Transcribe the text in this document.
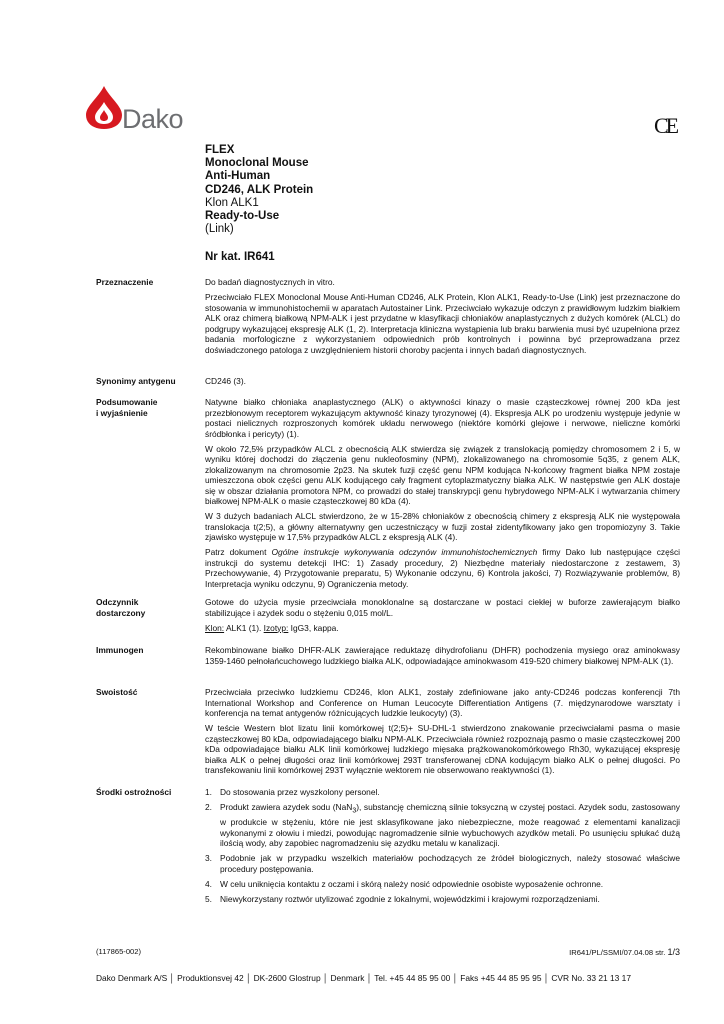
Dako	CE
FLEX
Monoclonal Mouse
Anti-Human
CD246, ALK Protein
Klon ALK1
Ready-to-Use
(Link)
Nr kat. IR641
Przeznaczenie	Do badań diagnostycznych in vitro.

Przeciwciało FLEX Monoclonal Mouse Anti-Human CD246, ALK Protein, Klon ALK1, Ready-to-Use (Link) jest przeznaczone do stosowania w immunohistochemii w aparatach Autostainer Link. Przeciwciało wykazuje odczyn z prawidłowym ludzkim białkiem ALK oraz chimerą białkową NPM-ALK i jest przydatne w klasyfikacji chłoniaków anaplastycznych z dużych komórek (ALCL) do podgrupy wykazującej ekspresję ALK (1, 2). Interpretacja kliniczna wystąpienia lub braku barwienia musi być uzupełniona przez badania morfologiczne z wykorzystaniem odpowiednich prób kontrolnych i powinna być przeprowadzana przez doświadczonego patologa z uwzględnieniem historii choroby pacjenta i innych badań diagnostycznych.

Synonimy antygenu	CD246 (3).

Podsumowanie
i wyjaśnienie

Natywne białko chłoniaka anaplastycznego (ALK) o aktywności kinazy o masie cząsteczkowej równej 200 kDa jest przezbłonowym receptorem wykazującym aktywność kinazy tyrozynowej (4). Ekspresja ALK po urodzeniu występuje jedynie w postaci nielicznych rozproszonych komórek układu nerwowego (niektóre komórki glejowe i nerwowe, nieliczne komórki śródbłonka i pericyty) (1).

W około 72,5% przypadków ALCL z obecnością ALK stwierdza się związek z translokacją pomiędzy chromosomem 2 i 5, w wyniku której dochodzi do złączenia genu nukleofosminy (NPM), zlokalizowanego na chromosomie 5q35, z genem ALK, zlokalizowanym na chromosomie 2p23. Na skutek fuzji część genu NPM kodująca N-końcowy fragment białka NPM zostaje umieszczona obok części genu ALK kodującego cały fragment cytoplazmatyczny białka ALK. W następstwie gen ALK dostaje się w obszar działania promotora NPM, co prowadzi do stałej transkrypcji genu hybrydowego NPM-ALK i wytwarzania chimery białkowej NPM-ALK o masie cząsteczkowej 80 kDa (4).

W 3 dużych badaniach ALCL stwierdzono, że w 15-28% chłoniaków z obecnością chimery z ekspresją ALK nie występowała translokacja t(2;5), a główny alternatywny gen uczestniczący w fuzji został zidentyfikowany jako gen tropomiozyny 3. Takie zjawisko występuje w 17,5% przypadków ALCL z ekspresją ALK (4).

Patrz dokument Ogólne instrukcje wykonywania odczynów immunohistochemicznych firmy Dako lub następujące części instrukcji do systemu detekcji IHC: 1) Zasady procedury, 2) Niezbędne materiały niedostarczone z zestawem, 3) Przechowywanie, 4) Przygotowanie preparatu, 5) Wykonanie odczynu, 6) Kontrola jakości, 7) Rozwiązywanie problemów, 8) Interpretacja wyniku odczynu, 9) Ograniczenia metody.

Odczynnik
dostarczony

Gotowe do użycia mysie przeciwciała monoklonalne są dostarczane w postaci ciekłej w buforze zawierającym białko stabilizujące i azydek sodu o stężeniu 0,015 mol/L.

Klon: ALK1 (1). Izotyp: IgG3, kappa.

Immunogen	Rekombinowane białko DHFR-ALK zawierające reduktazę dihydrofolianu (DHFR) pochodzenia mysiego oraz aminokwasy 1359-1460 pełnołańcuchowego ludzkiego białka ALK, odpowiadające aminokwasom 419-520 chimery białkowej NPM-ALK (1).

Swoistość	Przeciwciała przeciwko ludzkiemu CD246, klon ALK1, zostały zdefiniowane jako anty-CD246 podczas konferencji 7th International Workshop and Conference on Human Leucocyte Differentiation Antigens (7. międzynarodowe warsztaty i konferencja na temat antygenów różnicujących ludzkie leukocyty) (3).

W teście Western blot lizatu linii komórkowej t(2;5)+ SU-DHL-1 stwierdzono znakowanie przeciwciałami pasma o masie cząsteczkowej 80 kDa, odpowiadającego białku NPM-ALK. Przeciwciała również rozpoznają pasmo o masie cząsteczkowej 200 kDa odpowiadające białku ALK linii komórkowej ludzkiego mięsaka prążkowanokomórkowego Rh30, wykazującej ekspresję białka ALK o pełnej długości oraz linii komórkowej 293T transferowanej cDNA kodującym białko ALK o pełnej długości. Po transfekowaniu linii komórkowej 293T wyłącznie wektorem nie obserwowano reaktywności (1).

Środki ostrożności	1. Do stosowania przez wyszkolony personel.
2. Produkt zawiera azydek sodu (NaN$_3$), substancję chemiczną silnie toksyczną w czystej postaci. Azydek sodu, zastosowany w produkcie w stężeniu, które nie jest sklasyfikowane jako niebezpieczne, może reagować z elementami kanalizacji wykonanymi z ołowiu i miedzi, powodując nagromadzenie silnie wybuchowych azydków metali. Po usunięciu spłukać dużą ilością wody, aby zapobiec nagromadzeniu się azydku metalu w kanalizacji.
3. Podobnie jak w przypadku wszelkich materiałów pochodzących ze źródeł biologicznych, należy stosować właściwe procedury postępowania.
4. W celu uniknięcia kontaktu z oczami i skórą należy nosić odpowiednie osobiste wyposażenie ochronne.
5. Niewykorzystany roztwór utylizować zgodnie z lokalnymi, wojewódzkimi i krajowymi rozporządzeniami.
(117865-002)	IR641/PL/SSMI/07.04.08 str. 1/3
Dako Denmark A/S │ Produktionsvej 42 │ DK-2600 Glostrup │ Denmark │ Tel. +45 44 85 95 00 │ Faks +45 44 85 95 95 │ CVR No. 33 21 13 17
